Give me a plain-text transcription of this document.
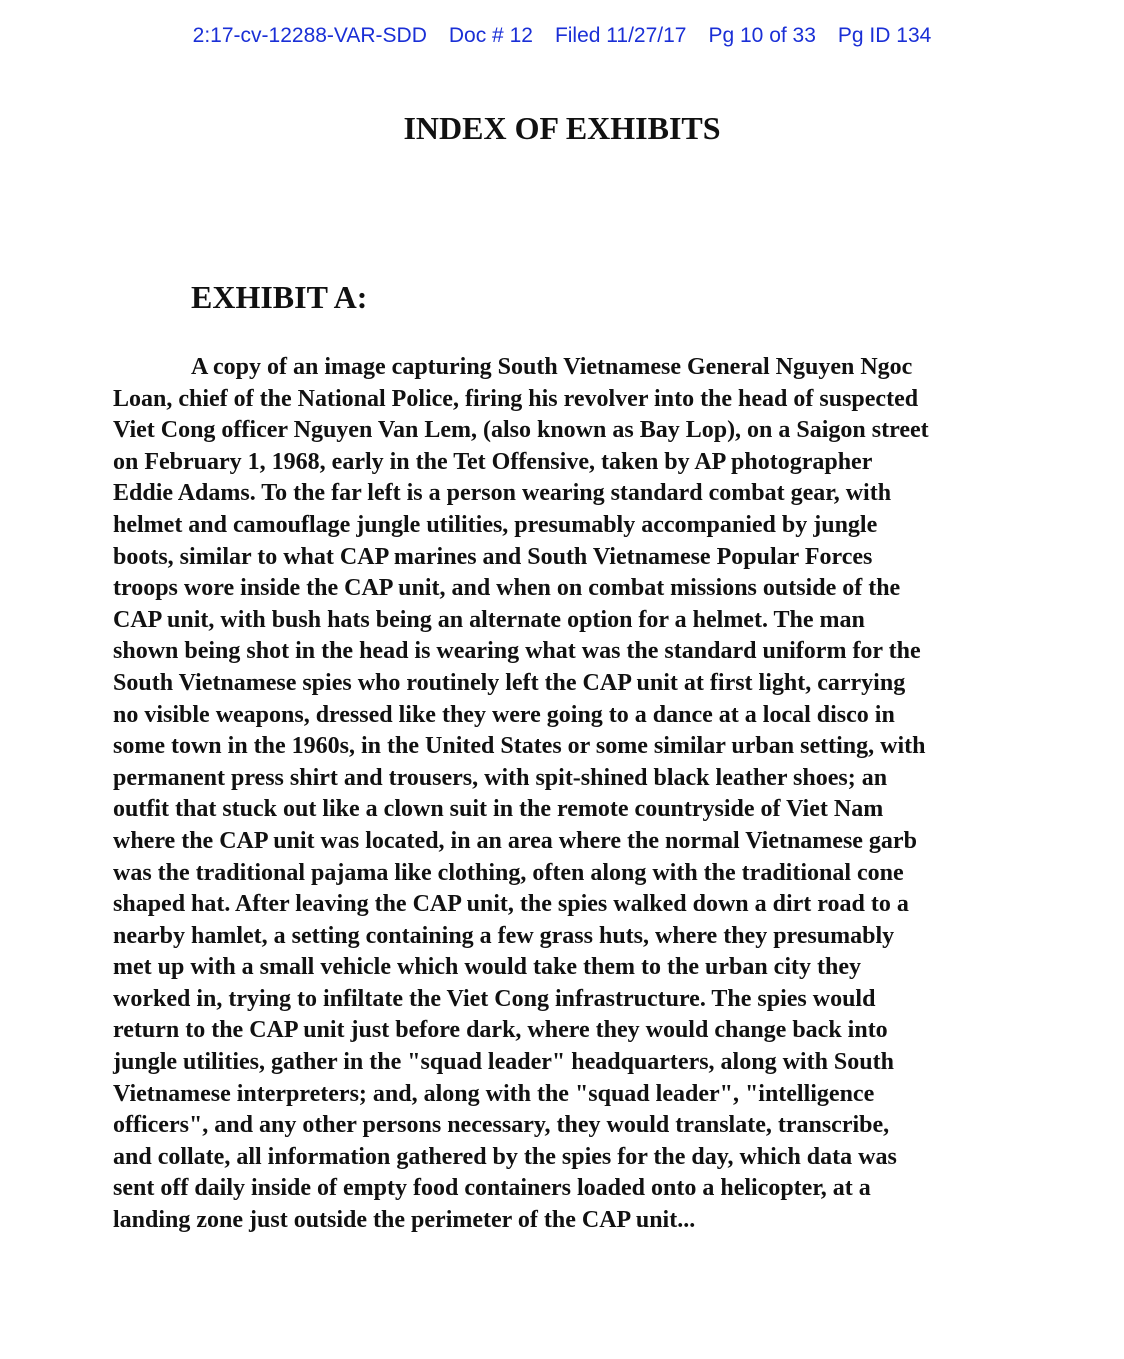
2:17-cv-12288-VAR-SDD Doc # 12 Filed 11/27/17 Pg 10 of 33 Pg ID 134
INDEX OF EXHIBITS
EXHIBIT A:
A copy of an image capturing South Vietnamese General Nguyen Ngoc
Loan, chief of the National Police, firing his revolver into the head of suspected
Viet Cong officer Nguyen Van Lem, (also known as Bay Lop), on a Saigon street
on February 1, 1968, early in the Tet Offensive, taken by AP photographer
Eddie Adams. To the far left is a person wearing standard combat gear, with
helmet and camouflage jungle utilities, presumably accompanied by jungle
boots, similar to what CAP marines and South Vietnamese Popular Forces
troops wore inside the CAP unit, and when on combat missions outside of the
CAP unit, with bush hats being an alternate option for a helmet. The man
shown being shot in the head is wearing what was the standard uniform for the
South Vietnamese spies who routinely left the CAP unit at first light, carrying
no visible weapons, dressed like they were going to a dance at a local disco in
some town in the 1960s, in the United States or some similar urban setting, with
permanent press shirt and trousers, with spit-shined black leather shoes; an
outfit that stuck out like a clown suit in the remote countryside of Viet Nam
where the CAP unit was located, in an area where the normal Vietnamese garb
was the traditional pajama like clothing, often along with the traditional cone
shaped hat. After leaving the CAP unit, the spies walked down a dirt road to a
nearby hamlet, a setting containing a few grass huts, where they presumably
met up with a small vehicle which would take them to the urban city they
worked in, trying to infiltate the Viet Cong infrastructure. The spies would
return to the CAP unit just before dark, where they would change back into
jungle utilities, gather in the "squad leader" headquarters, along with South
Vietnamese interpreters; and, along with the "squad leader", "intelligence
officers", and any other persons necessary, they would translate, transcribe,
and collate, all information gathered by the spies for the day, which data was
sent off daily inside of empty food containers loaded onto a helicopter, at a
landing zone just outside the perimeter of the CAP unit...
